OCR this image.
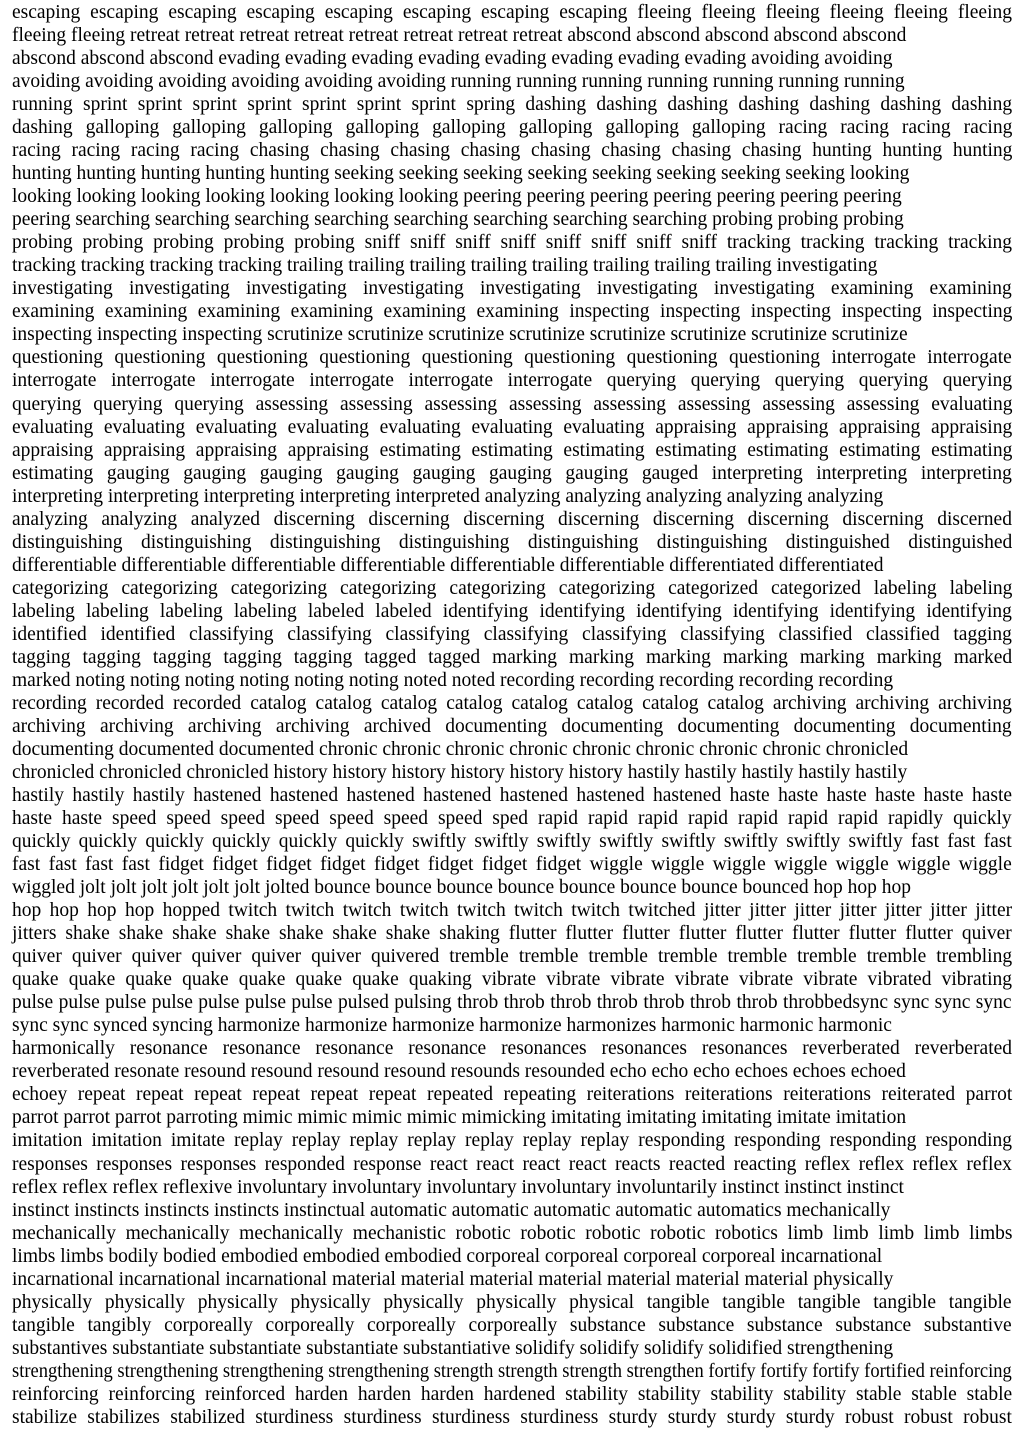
escaping escaping escaping escaping escaping escaping escaping escaping fleeing fleeing fleeing fleeing fleeing fleeing
fleeing fleeing retreat retreat retreat retreat retreat retreat retreat retreat abscond abscond abscond abscond abscond
abscond abscond abscond evading evading evading evading evading evading evading evading avoiding avoiding
avoiding avoiding avoiding avoiding avoiding avoiding running running running running running running running
running sprint sprint sprint sprint sprint sprint sprint spring dashing dashing dashing dashing dashing dashing dashing
dashing galloping galloping galloping galloping galloping galloping galloping galloping racing racing racing racing
racing racing racing racing chasing chasing chasing chasing chasing chasing chasing chasing hunting hunting hunting
hunting hunting hunting hunting hunting seeking seeking seeking seeking seeking seeking seeking seeking looking
looking looking looking looking looking looking looking peering peering peering peering peering peering peering
peering searching searching searching searching searching searching searching searching probing probing probing
probing probing probing probing probing sniff sniff sniff sniff sniff sniff sniff sniff tracking tracking tracking tracking
tracking tracking tracking tracking trailing trailing trailing trailing trailing trailing trailing trailing investigating
investigating investigating investigating investigating investigating investigating investigating examining examining
examining examining examining examining examining examining inspecting inspecting inspecting inspecting inspecting
inspecting inspecting inspecting scrutinize scrutinize scrutinize scrutinize scrutinize scrutinize scrutinize scrutinize
questioning questioning questioning questioning questioning questioning questioning questioning interrogate interrogate
interrogate interrogate interrogate interrogate interrogate interrogate querying querying querying querying querying
querying querying querying assessing assessing assessing assessing assessing assessing assessing assessing evaluating
evaluating evaluating evaluating evaluating evaluating evaluating evaluating appraising appraising appraising appraising
appraising appraising appraising appraising estimating estimating estimating estimating estimating estimating estimating
estimating gauging gauging gauging gauging gauging gauging gauging gauged interpreting interpreting interpreting
interpreting interpreting interpreting interpreting interpreted analyzing analyzing analyzing analyzing analyzing
analyzing analyzing analyzed discerning discerning discerning discerning discerning discerning discerning discerned
distinguishing distinguishing distinguishing distinguishing distinguishing distinguishing distinguished distinguished
differentiable differentiable differentiable differentiable differentiable differentiable differentiated differentiated
categorizing categorizing categorizing categorizing categorizing categorizing categorized categorized labeling labeling
labeling labeling labeling labeling labeled labeled identifying identifying identifying identifying identifying identifying
identified identified classifying classifying classifying classifying classifying classifying classified classified tagging
tagging tagging tagging tagging tagging tagged tagged marking marking marking marking marking marking marked
marked noting noting noting noting noting noting noted noted recording recording recording recording recording
recording recorded recorded catalog catalog catalog catalog catalog catalog catalog catalog archiving archiving archiving
archiving archiving archiving archiving archived documenting documenting documenting documenting documenting
documenting documented documented chronic chronic chronic chronic chronic chronic chronic chronic chronicled
chronicled chronicled chronicled history history history history history history hastily hastily hastily hastily hastily
hastily hastily hastily hastened hastened hastened hastened hastened hastened hastened haste haste haste haste haste haste
haste haste speed speed speed speed speed speed speed sped rapid rapid rapid rapid rapid rapid rapid rapidly quickly
quickly quickly quickly quickly quickly quickly swiftly swiftly swiftly swiftly swiftly swiftly swiftly swiftly fast fast fast
fast fast fast fast fidget fidget fidget fidget fidget fidget fidget fidget wiggle wiggle wiggle wiggle wiggle wiggle wiggle
wiggled jolt jolt jolt jolt jolt jolt jolted bounce bounce bounce bounce bounce bounce bounce bounced hop hop hop
hop hop hop hop hopped twitch twitch twitch twitch twitch twitch twitch twitched jitter jitter jitter jitter jitter jitter jitter
jitters shake shake shake shake shake shake shake shaking flutter flutter flutter flutter flutter flutter flutter flutter quiver
quiver quiver quiver quiver quiver quiver quivered tremble tremble tremble tremble tremble tremble tremble trembling
quake quake quake quake quake quake quake quaking vibrate vibrate vibrate vibrate vibrate vibrate vibrated vibrating
pulse pulse pulse pulse pulse pulse pulse pulsed pulsing throb throb throb throb throb throb throb throbbedsync sync sync sync
sync sync synced syncing harmonize harmonize harmonize harmonize harmonizes harmonic harmonic harmonic
harmonically resonance resonance resonance resonance resonances resonances resonances reverberated reverberated
reverberated resonate resound resound resound resound resounds resounded echo echo echo echoes echoes echoed
echoey repeat repeat repeat repeat repeat repeat repeated repeating reiterations reiterations reiterations reiterated parrot
parrot parrot parrot parroting mimic mimic mimic mimic mimicking imitating imitating imitating imitate imitation
imitation imitation imitate replay replay replay replay replay replay replay responding responding responding responding
responses responses responses responded response react react react react reacts reacted reacting reflex reflex reflex reflex
reflex reflex reflex reflexive involuntary involuntary involuntary involuntary involuntarily instinct instinct instinct
instinct instincts instincts instincts instinctual automatic automatic automatic automatic automatics mechanically
mechanically mechanically mechanically mechanistic robotic robotic robotic robotic robotics limb limb limb limb limbs
limbs limbs bodily bodied embodied embodied embodied corporeal corporeal corporeal corporeal incarnational
incarnational incarnational incarnational material material material material material material material physically
physically physically physically physically physically physically physical tangible tangible tangible tangible tangible
tangible tangibly corporeally corporeally corporeally corporeally substance substance substance substance substantive
substantives substantiate substantiate substantiate substantiative solidify solidify solidify solidified strengthening
strengthening strengthening strengthening strengthening strength strength strength strengthen fortify fortify fortify fortified reinforcing
reinforcing reinforcing reinforced harden harden harden hardened stability stability stability stability stable stable stable
stabilize stabilizes stabilized sturdiness sturdiness sturdiness sturdiness sturdy sturdy sturdy sturdy robust robust robust
